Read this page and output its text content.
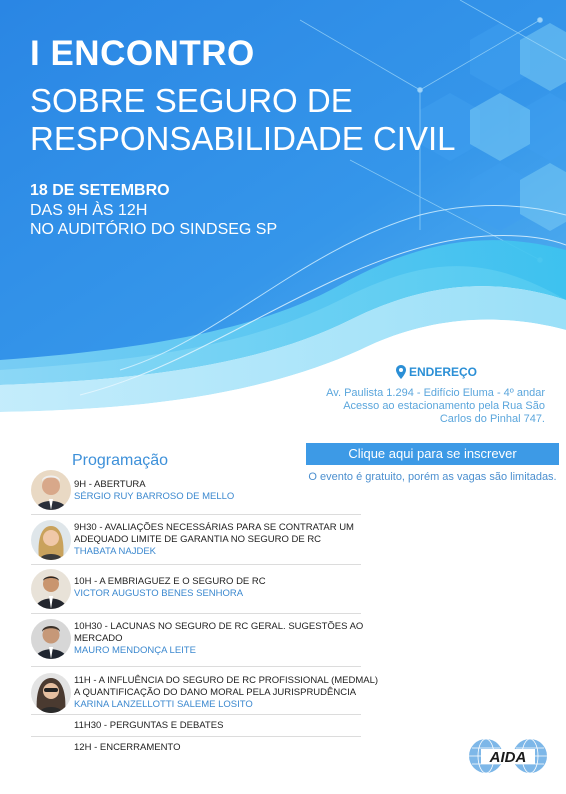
I ENCONTRO
SOBRE SEGURO DE
RESPONSABILIDADE CIVIL
18 DE SETEMBRO
DAS 9H ÀS 12H
NO AUDITÓRIO DO SINDSEG SP
ENDEREÇO
Av. Paulista 1.294 - Edifício Eluma - 4º andar
Acesso ao estacionamento pela Rua São
Carlos do Pinhal 747.
Clique aqui para se inscrever
O evento é gratuito, porém as vagas são limitadas.
Programação
9H - ABERTURA
SÉRGIO RUY BARROSO DE MELLO
9H30 - AVALIAÇÕES NECESSÁRIAS PARA SE CONTRATAR UM
ADEQUADO LIMITE DE GARANTIA NO SEGURO DE RC
THABATA NAJDEK
10H - A EMBRIAGUEZ E O SEGURO DE RC
VICTOR AUGUSTO BENES SENHORA
10H30 - LACUNAS NO SEGURO DE RC GERAL. SUGESTÕES AO
MERCADO
MAURO MENDONÇA LEITE
11H - A INFLUÊNCIA DO SEGURO DE RC PROFISSIONAL (MEDMAL)
A QUANTIFICAÇÃO DO DANO MORAL PELA JURISPRUDÊNCIA
KARINA LANZELLOTTI SALEME LOSITO
11H30 - PERGUNTAS E DEBATES
12H - ENCERRAMENTO
AIDA
